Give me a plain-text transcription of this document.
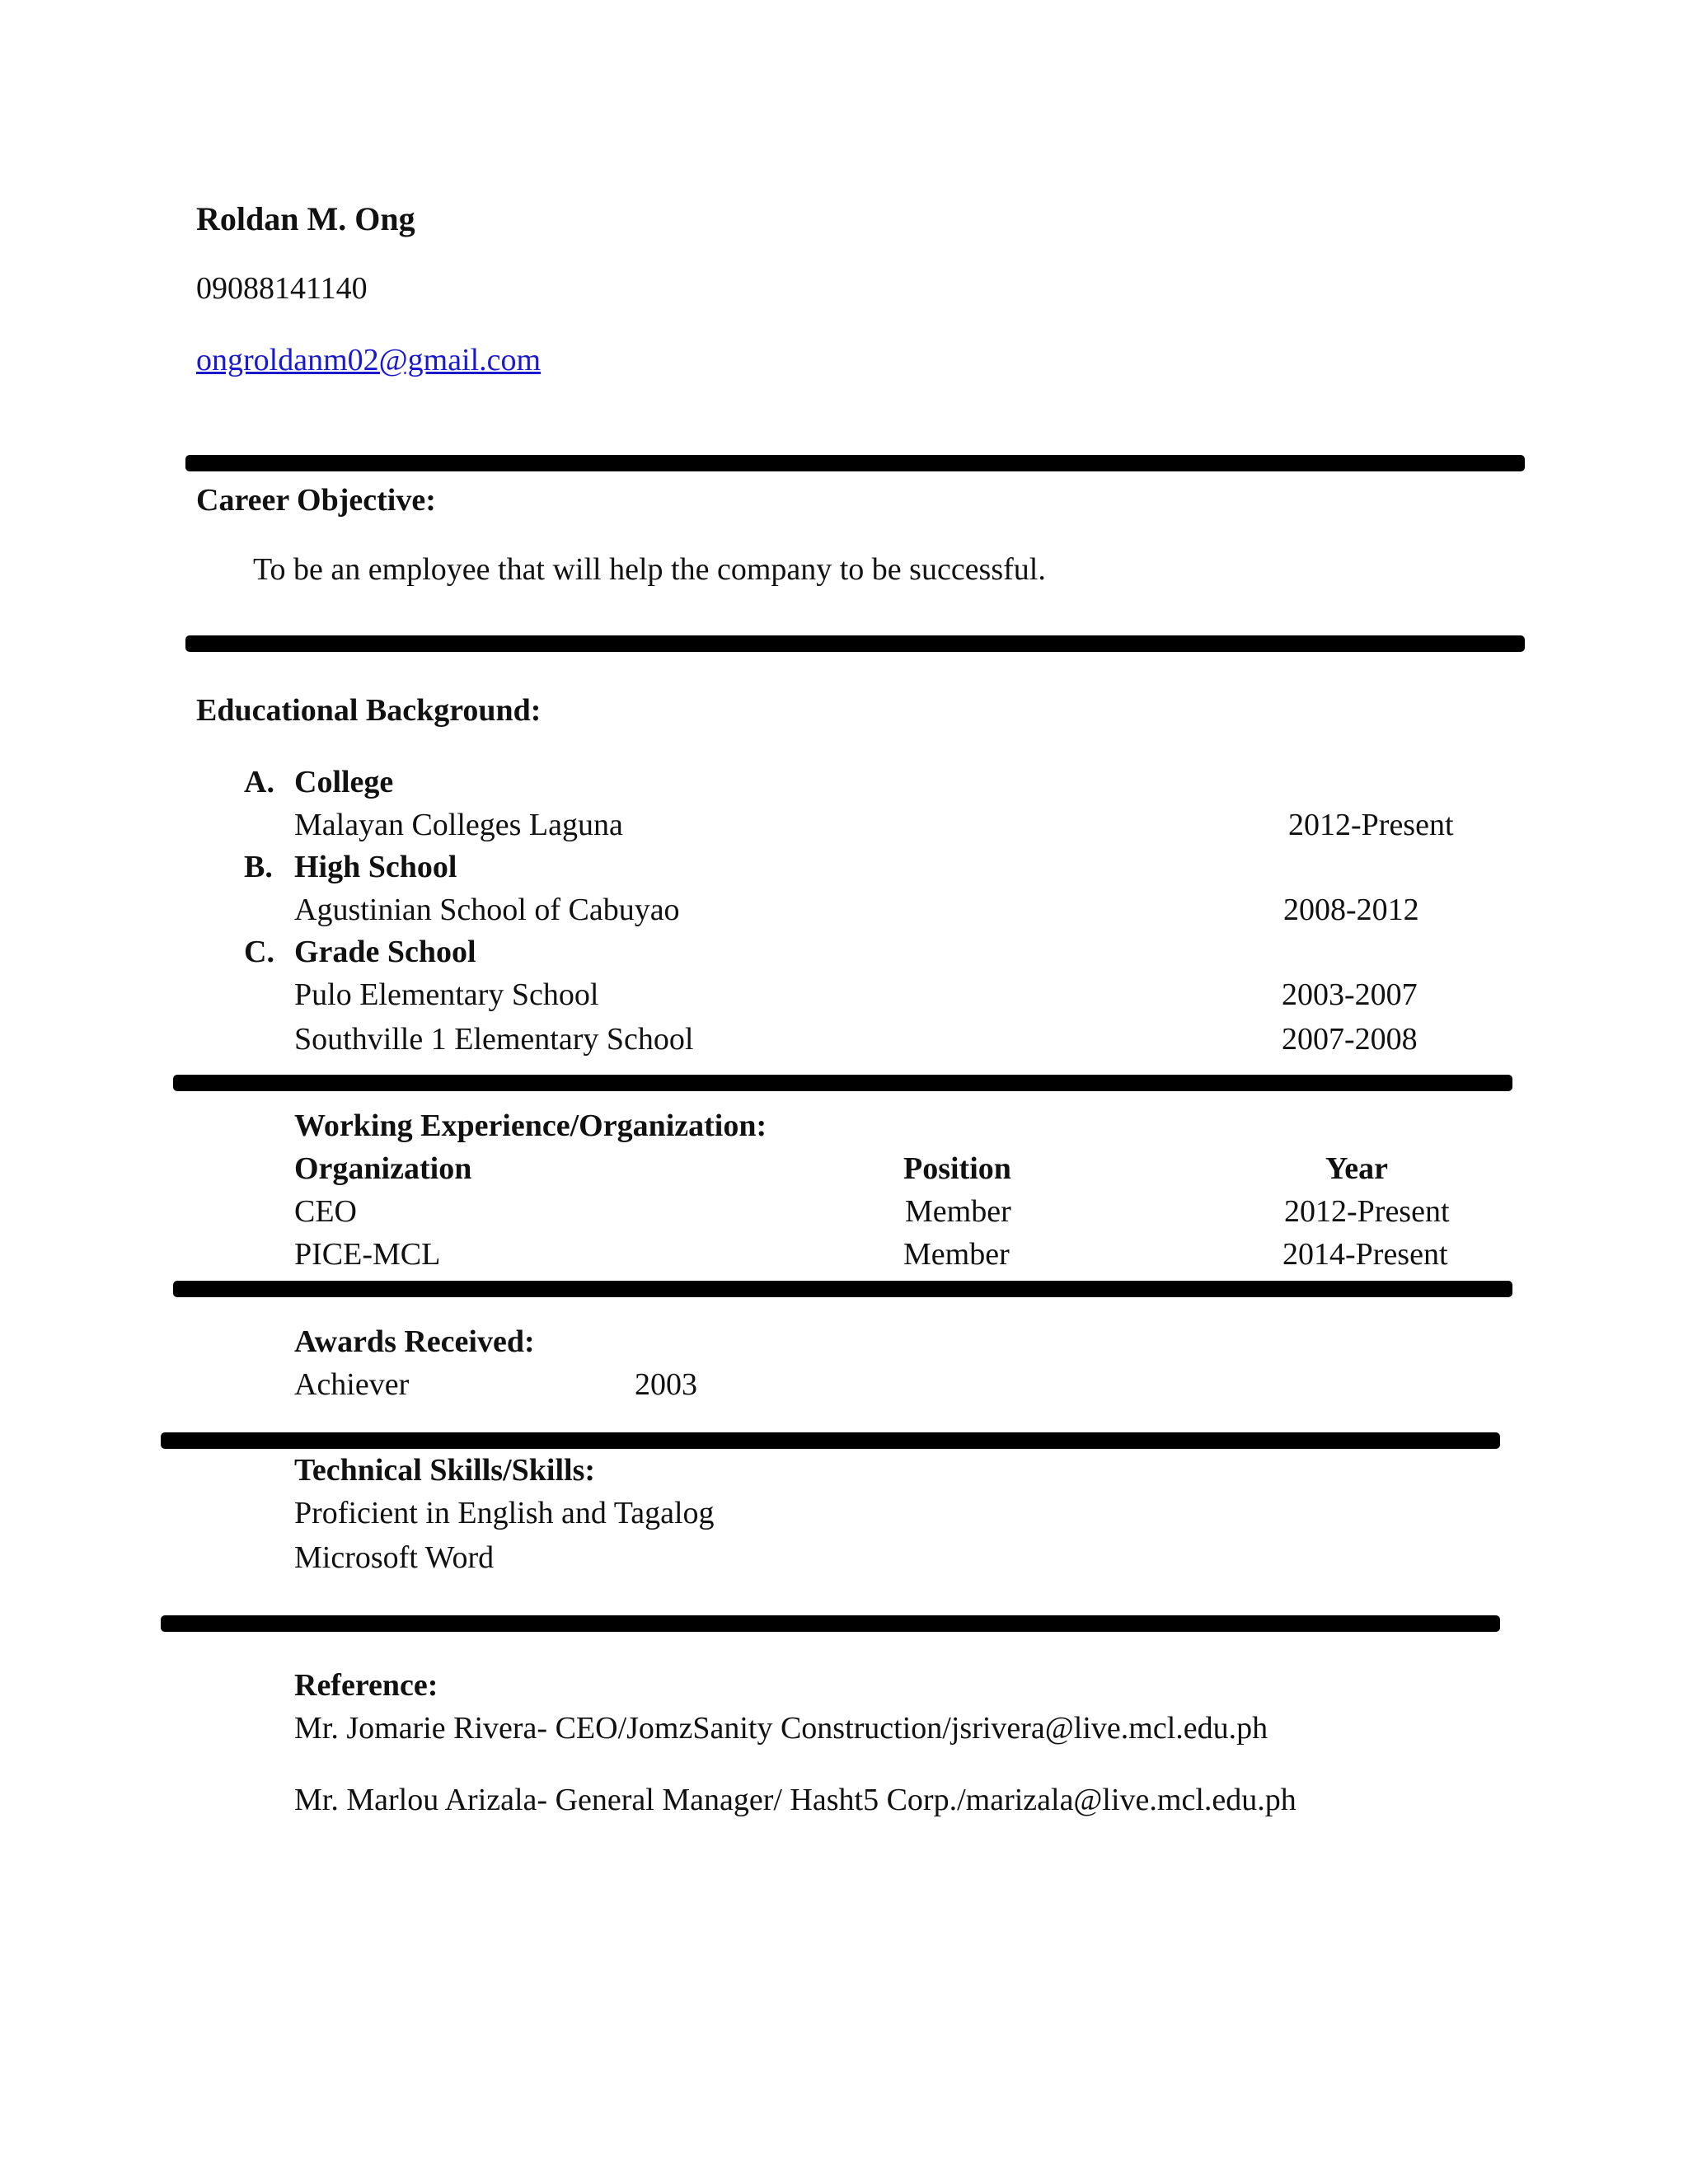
Roldan M. Ong
09088141140
ongroldanm02@gmail.com
Career Objective:
To be an employee that will help the company to be successful.
Educational Background:
A. College
Malayan Colleges Laguna	2012-Present
B. High School
Agustinian School of Cabuyao	2008-2012
C. Grade School
Pulo Elementary School	2003-2007
Southville 1 Elementary School	2007-2008
Working Experience/Organization:
Organization	Position	Year
CEO	Member	2012-Present
PICE-MCL	Member	2014-Present
Awards Received:
Achiever	2003
Technical Skills/Skills:
Proficient in English and Tagalog
Microsoft Word
Reference:
Mr. Jomarie Rivera- CEO/JomzSanity Construction/jsrivera@live.mcl.edu.ph
Mr. Marlou Arizala- General Manager/ Hasht5 Corp./marizala@live.mcl.edu.ph
